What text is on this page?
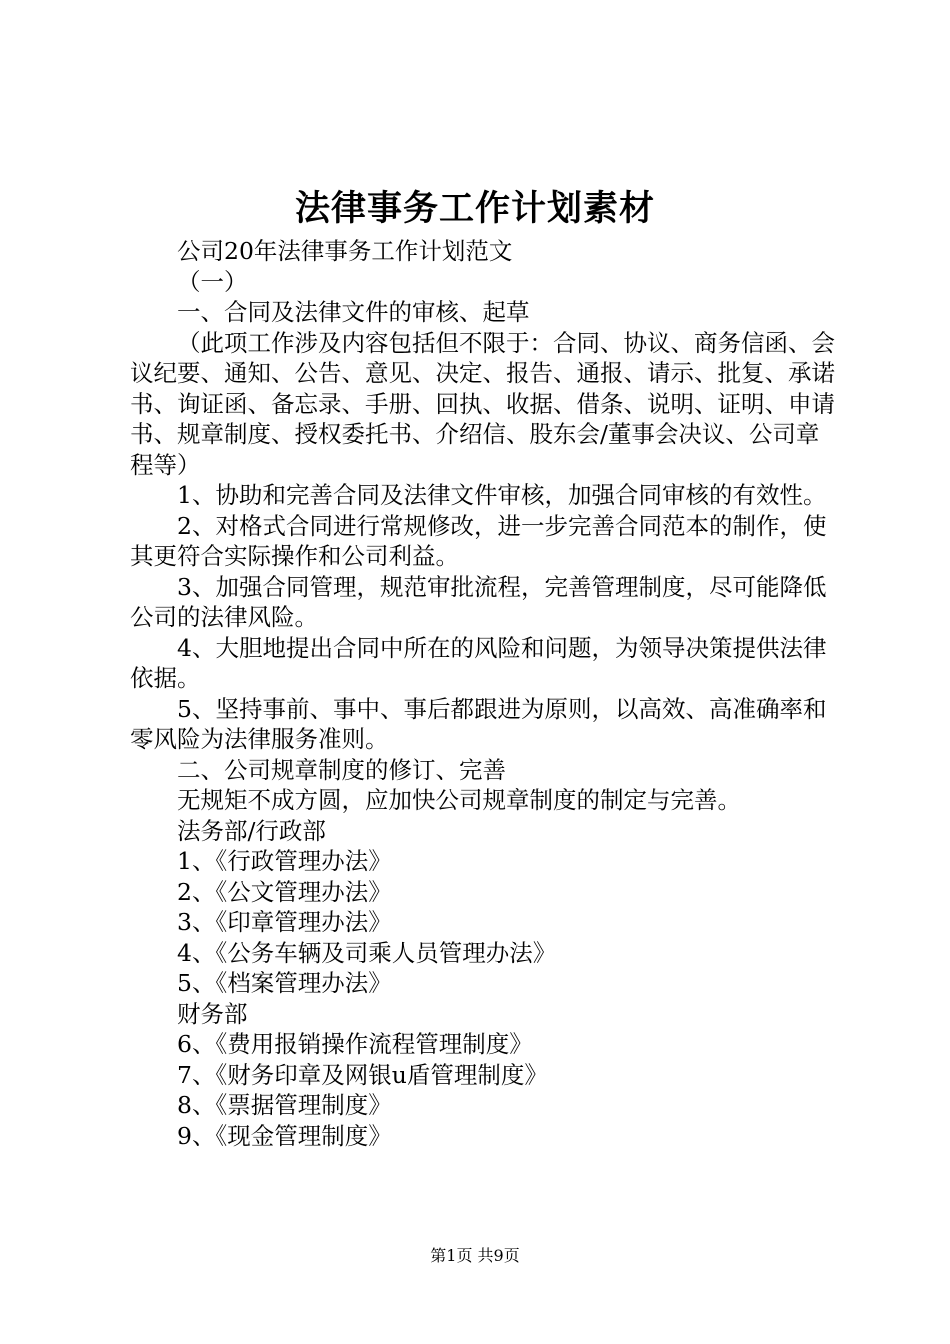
法律事务工作计划素材

公司20年法律事务工作计划范文

（一）

一、合同及法律文件的审核、起草

（此项工作涉及内容包括但不限于：合同、协议、商务信函、会议纪要、通知、公告、意见、决定、报告、通报、请示、批复、承诺书、询证函、备忘录、手册、回执、收据、借条、说明、证明、申请书、规章制度、授权委托书、介绍信、股东会/董事会决议、公司章程等）

1、协助和完善合同及法律文件审核，加强合同审核的有效性。

2、对格式合同进行常规修改，进一步完善合同范本的制作，使其更符合实际操作和公司利益。

3、加强合同管理，规范审批流程，完善管理制度，尽可能降低公司的法律风险。

4、大胆地提出合同中所在的风险和问题，为领导决策提供法律依据。

5、坚持事前、事中、事后都跟进为原则，以高效、高准确率和零风险为法律服务准则。

二、公司规章制度的修订、完善

无规矩不成方圆，应加快公司规章制度的制定与完善。

法务部/行政部

1、《行政管理办法》

2、《公文管理办法》

3、《印章管理办法》

4、《公务车辆及司乘人员管理办法》

5、《档案管理办法》

财务部

6、《费用报销操作流程管理制度》

7、《财务印章及网银u盾管理制度》

8、《票据管理制度》

9、《现金管理制度》

第1页 共9页
